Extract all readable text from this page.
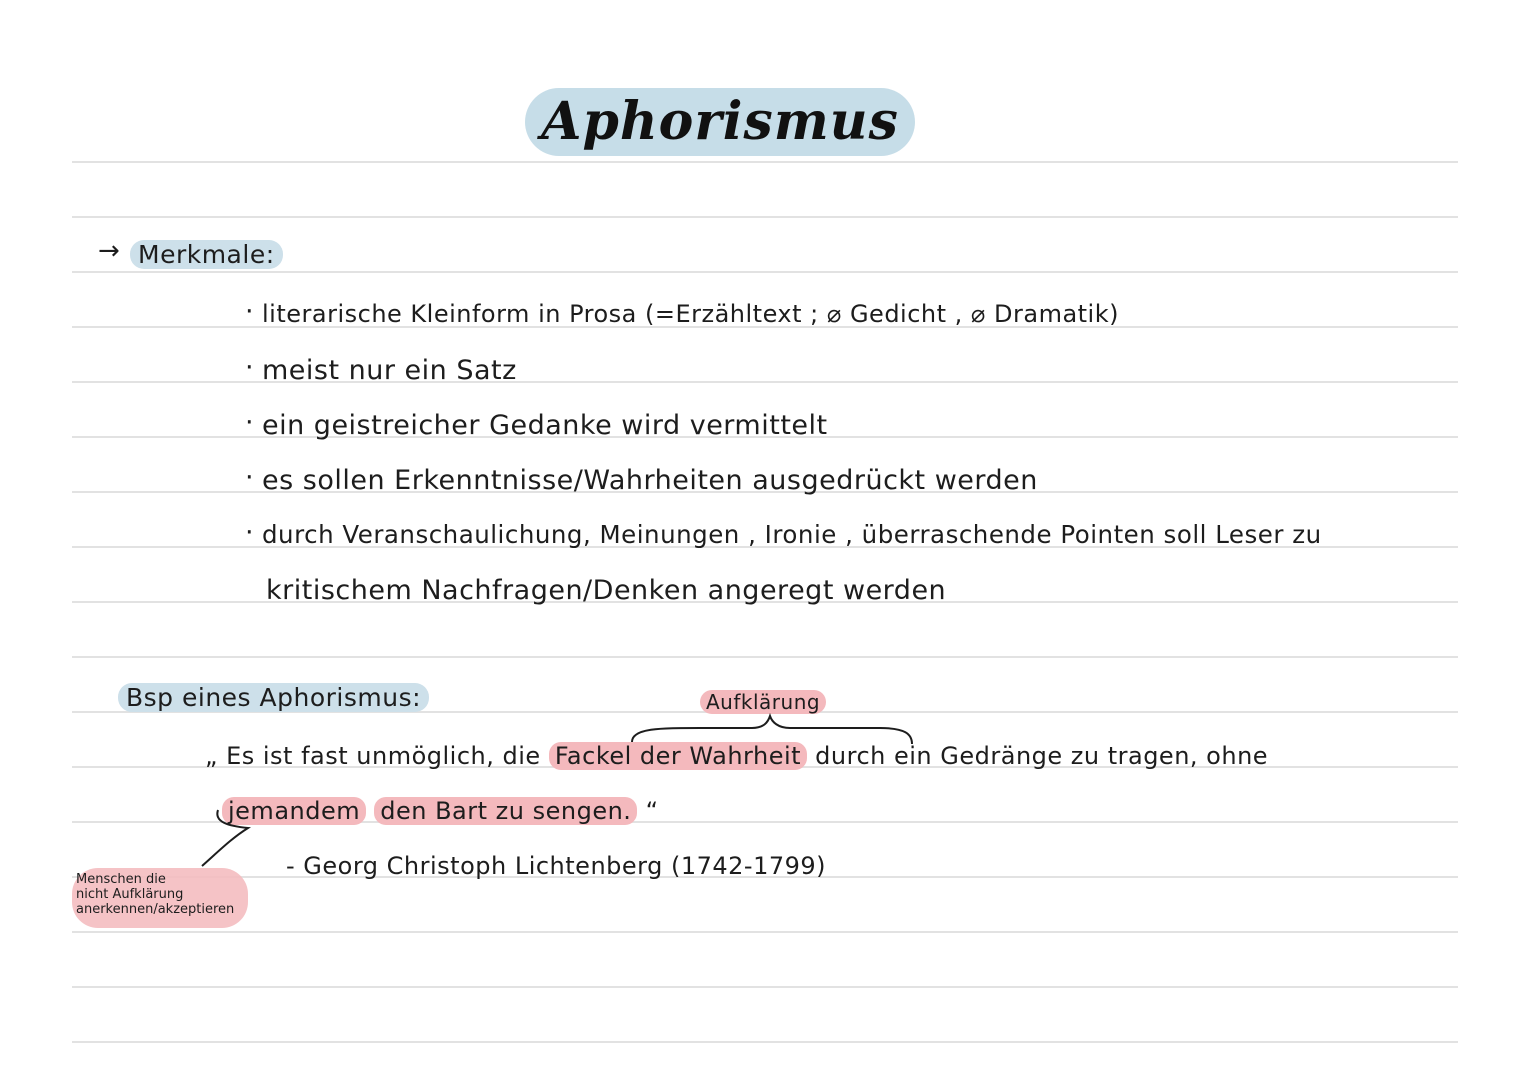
Aphorismus
→ Merkmale:
· literarische Kleinform in Prosa (=Erzähltext ; ⌀ Gedicht , ⌀ Dramatik)
· meist nur ein Satz
· ein geistreicher Gedanke wird vermittelt
· es sollen Erkenntnisse/Wahrheiten ausgedrückt werden
· durch Veranschaulichung, Meinungen , Ironie , überraschende Pointen soll Leser zu
kritischem Nachfragen/Denken angeregt werden
Bsp eines Aphorismus:	Aufklärung
„ Es ist fast unmöglich, die Fackel der Wahrheit durch ein Gedränge zu tragen, ohne
jemandem den Bart zu sengen. “
- Georg Christoph Lichtenberg (1742-1799)
Menschen die
nicht Aufklärung
anerkennen/akzeptieren
